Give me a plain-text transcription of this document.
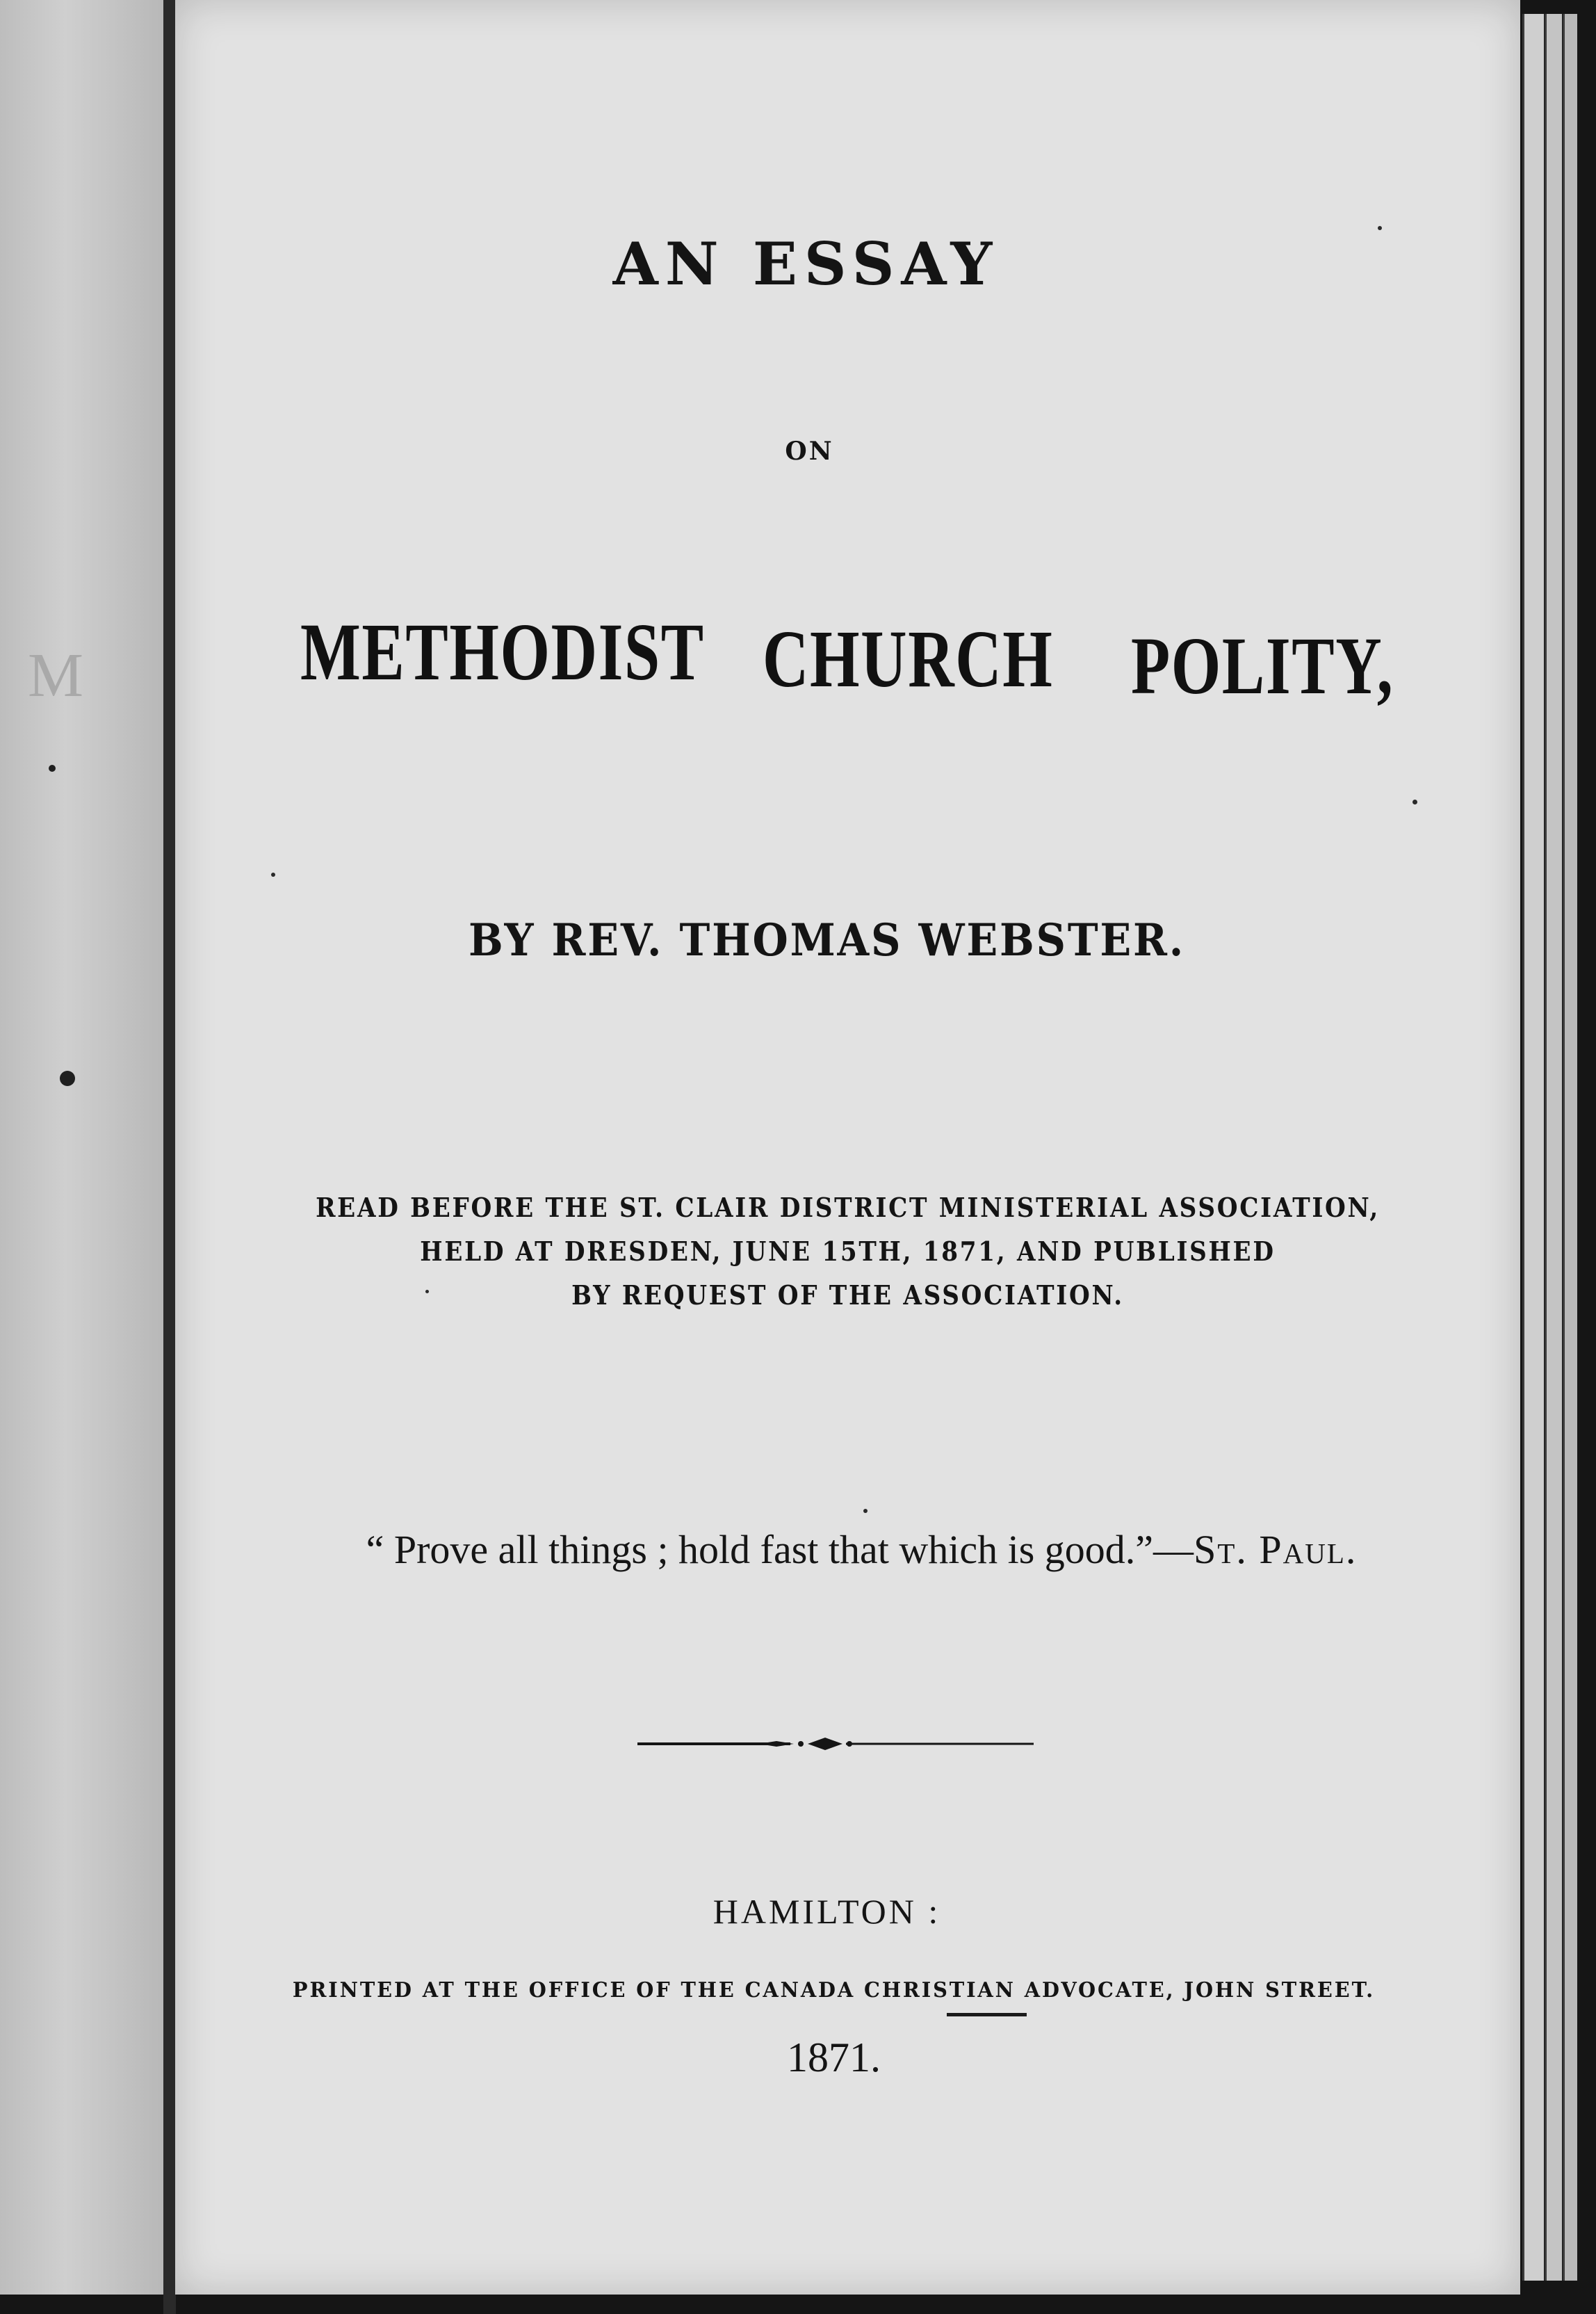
M
AN ESSAY
ON
METHODIST CHURCH POLITY,
BY REV. THOMAS WEBSTER.
READ BEFORE THE ST. CLAIR DISTRICT MINISTERIAL ASSOCIATION,
HELD AT DRESDEN, JUNE 15TH, 1871, AND PUBLISHED
BY REQUEST OF THE ASSOCIATION.
“ Prove all things ; hold fast that which is good.”—St. Paul.
HAMILTON :
PRINTED AT THE OFFICE OF THE CANADA CHRISTIAN ADVOCATE, JOHN STREET.
1871.
